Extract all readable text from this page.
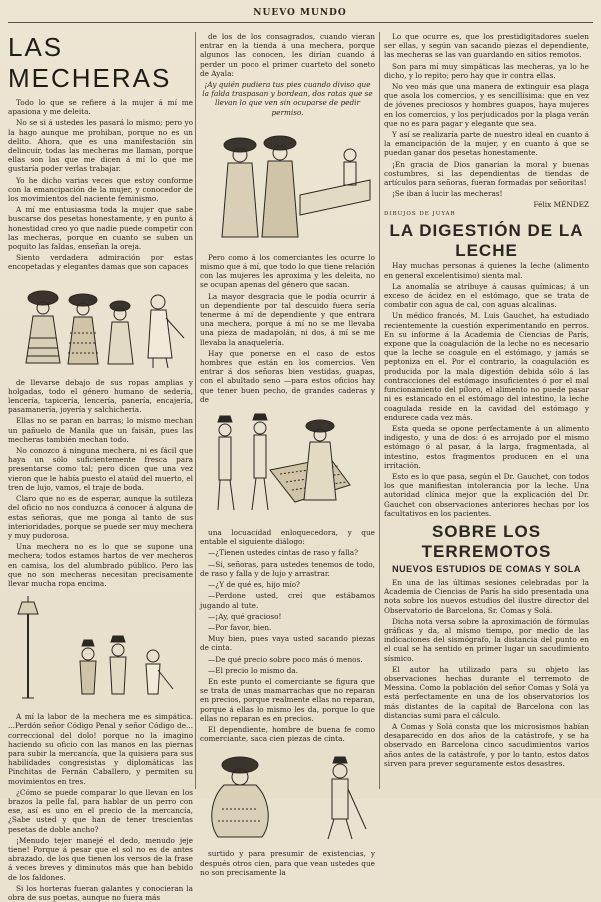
NUEVO MUNDO
LAS MECHERAS

Todo lo que se refiere á la mujer á mí me apasiona y me deleita.

No se si á ustedes les pasará lo mismo; pero yo la hago aunque me prohiban, porque no es un delito. Ahora, que es una manifestación sin delincuir, todas las mecheras me llaman, porque ellas son las que me dicen á mí lo que me gustaría poder verlas trabajar.

Yo he dicho varias veces que estoy conforme con la emancipación de la mujer, y conocedor de los movimientos del naciente feminismo.

A mí me entusiasma toda la mujer que sabe buscarse dos pesetas honestamente, y en punto á honestidad creo yo que nadie puede competir con las mecheras, porque en cuanto se suben un poquito las faldas, enseñan la oreja.

Siento verdadera admiración por estas encopetadas y elegantes damas que son capaces

de llevarse debajo de sus ropas amplias y holgadas, todo el género humano de sedería, lencería, tapicería, lencería, panería, encajería, pasamanería, joyería y salchichería.

Ellas no se paran en barras; lo mismo mechan un pañuelo de Manila que un faisán, pues las mecheras también mechan todo.

No conozco á ninguna mechera, ni es fácil que haya un sólo suficientemente fresca para presentarse como tal; pero dicen que una vez vieron que le había puesto el ataúd del muerto, el tren de lujo, vamos, el traje de boda.

Claro que no es de esperar, aunque la sutileza del oficio no nos conduzca á conocer á alguna de estas señoras, que me ponga al tanto de sus interioridades, porque se puede ser muy mechera y muy pudorosa.

Una mechera no es lo que se supone una mechera; todos estamos hartos de ver mecheros en camisa, los del alumbrado público. Pero las que no son mecheras necesitan precisamente llevar mucha ropa encima.

A mí la labor de la mechera me es simpática. ...Perdón señor Código Penal y señor Código de... correccional del dolo! porque no la imagino haciendo su oficio con las manos en las piernas para subir la mercancía, que la quisiera para sus habilidades congresistas y diplomáticas las Pinchitas de Fernán Caballero, y permiten su movimientos en tres.

¿Cómo se puede comparar lo que llevan en los brazos la pelle fal, para hablar de un perro con ese, así es uno en el precio de la mercancía, ¿Sabe usted y que han de tener trescientas pesetas de doble ancho?

¡Menudo tejer manejé el dedo, menudo jeje tiene! Porque á pesar que el sol no es de antes abrazado, de los que tienen los versos de la frase á veces breves y diminutos más que han bebido de los faldones.

Si los horteras fueran galantes y conocieran la obra de sus poetas, aunque no fuera más

de los de los consagrados, cuando vieran entrar en la tienda á una mechera, porque algunos las conocen, les dirían cuando á perder un poco el primer cuarteto del soneto de Ayala:

¡Ay quién pudiera tus pies cuando diviso que la falda traspasan y bordean, dos ratas que se llevan lo que ven sin ocuparse de pedir permiso.

Pero como á los comerciantes les ocurre lo mismo que á mí, que todo lo que tiene relación con las mujeres les aproxima y les deleita, no se ocupan apenas del género que sacan.

La mayor desgracia que le podía ocurrir á un dependiente por tal descuido fuera sería tenerme á mí de dependiente y que entrara una mechera, porque á mí no se me llevaba una pieza de madapolán, ni dos, á mí se me llevaba la anaquelería.

Hay que ponerse en el caso de estos hombres que están en los comercios. Ven entrar á dos señoras bien vestidas, guapas, con el abultado seno —para estos oficios hay que tener buen pecho, de grandes caderas y de

una locuacidad enloquecedora, y que entable el siguiente diálogo:

—¿Tienen ustedes cintas de raso y falla?

—Sí, señoras, para ustedes tenemos de todo, de raso y falla y de lujo y arrastrar.

—¿Y de qué es, hijo mío?

—Perdone usted, creí que estábamos jugando al tute.

—¡Ay, qué gracioso!

—Por favor, bien.

Muy bien, pues vaya usted sacando piezas de cinta.

—De qué precio sobre poco más ó menos.

—El precio lo mismo da.

En este punto el comerciante se figura que se trata de unas mamarrachas que no reparan en precios, porque realmente ellas no reparan, porque á ellas lo mismo les da, porque lo que ellas no reparan es en precios.

El dependiente, hombre de buena fe como comerciante, saca cien piezas de cinta.

surtido y para presumir de existencias, y después otros cien, para que vean ustedes que no son precisamente la

Lo que ocurre es, que los prestidigitadores suelen ser ellas, y según van sacando piezas el dependiente, las mecheras se las van guardando en sitios remotos.

Son para mí muy simpáticas las mecheras, ya lo he dicho, y lo repito; pero hay que ir contra ellas.

No veo más que una manera de extinguir esa plaga que asola los comercios, y es sencillísima: que en vez de jóvenes preciosos y hombres guapos, haya mujeres en los comercios, y los perjudicados por la plaga verán que no es para pagar y elegante que sea.

Y así se realizaría parte de nuestro ideal en cuanto á la emancipación de la mujer, y en cuanto á que se puedan ganar dos pesetas honestamente.

¡En gracia de Dios ganarían la moral y buenas costumbres, si las dependientas de tiendas de artículos para señoras, fueran formadas por señoritas!

¡Se iban á lucir las mecheras!

Félix MÉNDEZ

DIBUJOS DE JUYAR

LA DIGESTIÓN DE LA LECHE

Hay muchas personas á quienes la leche (alimento en general excelentísimo) sienta mal.

La anomalía se atribuye á causas químicas; á un exceso de ácidez en el estómago, que se trata de combatir con agua de cal, con aguas alcalinas.

Un médico francés, M. Luis Gauchet, ha estudiado recientemente la cuestión experimentando en perros. En su informe á la Academia de Ciencias de París, expone que la coagulación de la leche no es necesario que la leche se coagule en el estómago, y jamás se peptoniza en el. Por el contrario, la coagulación es producida por la mala digestión debida sólo á las contracciones del estómago insuficientes ó por el mal funcionamiento del píloro, el alimento no puede pasar ni es estancado en el estómago del intestino, la leche coagulada reside en la cavidad del estómago y endurece cada vez más.

Esta queda se opone perfectamente á un alimento indigesto, y una de dos: ó es arrojado por el mismo estómago ó al pasar, á la larga, fragmentada, al intestino, estos fragmentos producen en el una irritación.

Esto es lo que pasa, según el Dr. Gauchet, con todos los que manifiestan intolerancia por la leche. Una autoridad clínica mejor que la explicación del Dr. Gauchet con observaciones anteriores hechas por los facultativos en los pacientes.

SOBRE LOS TERREMOTOS

NUEVOS ESTUDIOS DE COMAS Y SOLA

En una de las últimas sesiones celebradas por la Academia de Ciencias de París ha sido presentada una nota sobre los nuevos estudios del ilustre director del Observatorio de Barcelona, Sr. Comas y Solá.

Dicha nota versa sobre la aproximación de fórmulas gráficas y da, al mismo tiempo, por medio de las indicaciones del sismógrafo, la distancia del punto en el cual se ha sentido en primer lugar un sacudimiento sísmico.

El autor ha utilizado para su objeto las observaciones hechas durante el terremoto de Messina. Como la población del señor Comas y Solá ya está perfectamente en una de los observatorios los más distantes de la capital de Barcelona con las distancias sumi para el cálculo.

A Comas y Solá consta que los microsismos habían desaparecido en dos años de la catástrofe, y se ha observado en Barcelona cinco sacudimientos varios años antes de la catástrofe, y por lo tanto, estos datos sirven para prever seguramente estos desastres.
